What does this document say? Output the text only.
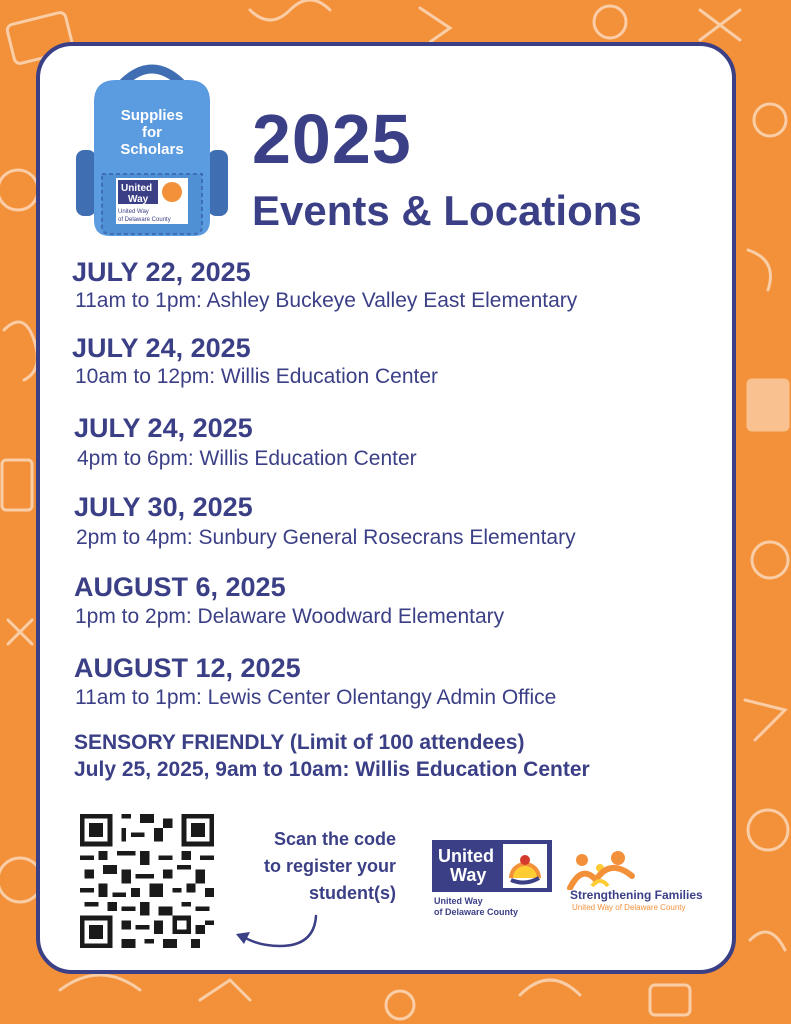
Supplies
for
Scholars
United
Way
United Way
of Delaware County
2025
Events & Locations
JULY 22, 2025
11am to 1pm: Ashley Buckeye Valley East Elementary
JULY 24, 2025
10am to 12pm: Willis Education Center
JULY 24, 2025
4pm to 6pm: Willis Education Center
JULY 30, 2025
2pm to 4pm: Sunbury General Rosecrans Elementary
AUGUST 6, 2025
1pm to 2pm: Delaware Woodward Elementary
AUGUST 12, 2025
11am to 1pm: Lewis Center Olentangy Admin Office
SENSORY FRIENDLY (Limit of 100 attendees)
July 25, 2025, 9am to 10am: Willis Education Center
Scan the code
to register your
student(s)
United
Way
United Way
of Delaware County
Strengthening Families
United Way of Delaware County
